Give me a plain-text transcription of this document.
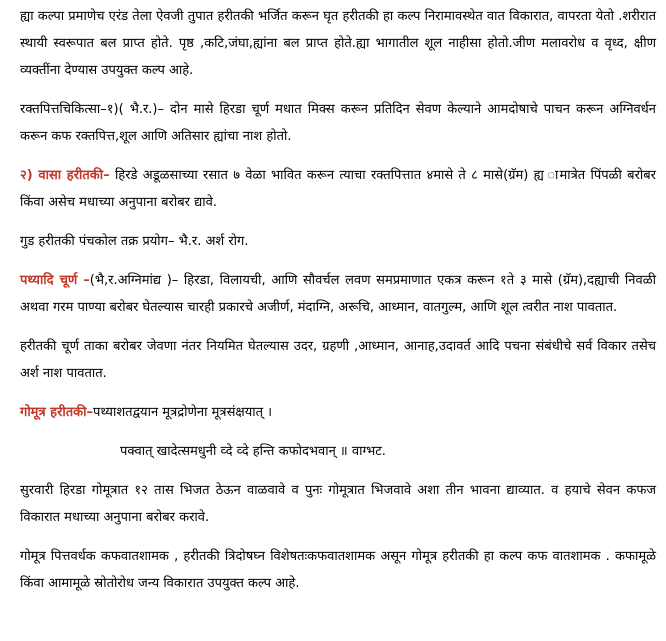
ह्या कल्पा प्रमाणेच एरंड तेला ऐवजी तुपात हरीतकी भर्जित करून घृत हरीतकी हा कल्प निरामावस्थेत वात विकारात, वापरता येतो .शरीरात स्थायी स्वरूपात बल प्राप्त होते. पृष्ठ ,कटि,जंघा,ह्यांना बल प्राप्त होते.ह्या भागातील शूल नाहीसा होतो.जीण मलावरोध व वृध्द, क्षीण व्यक्तींना देण्यास उपयुक्त कल्प आहे.

रक्तपित्तचिकित्सा–१)( भै.र.)– दोन मासे हिरडा चूर्ण मधात मिक्स करून प्रतिदिन सेवण केल्याने आमदोषाचे पाचन करून अग्निवर्धन करून कफ रक्तपित्त,शूल आणि अतिसार ह्यांचा नाश होतो.

२) वासा हरीतकी– हिरडे अडूळसाच्या रसात ७ वेळा भावित करून त्याचा रक्तपित्तात ४मासे ते ८ मासे(ग्रॅम) ह्य ामात्रेत पिंपळी बरोबर किंवा असेच मधाच्या अनुपाना बरोबर द्यावे.

गुड हरीतकी पंचकोल तक्र प्रयोग– भै.र. अर्श रोग.

पथ्यादि चूर्ण –(भै,र.अग्निमांद्य )– हिरडा, विलायची, आणि सौवर्चल लवण समप्रमाणात एकत्र करून १ते ३ मासे (ग्रॅम),दह्याची निवळी अथवा गरम पाण्या बरोबर घेतल्यास चारही प्रकारचे अजीर्ण, मंदाग्नि, अरूचि, आध्मान, वातगुल्म, आणि शूल त्वरीत नाश पावतात.

हरीतकी चूर्ण ताका बरोबर जेवणा नंतर नियमित घेतल्यास उदर, ग्रहणी ,आध्मान, आनाह,उदावर्त आदि पचना संबंधीचे सर्व विकार तसेच अर्श नाश पावतात.

गोमूत्र हरीतकी–पथ्याशतद्वयान मूत्रद्रोणेना मूत्रसंक्षयात् ।

पक्वात् खादेत्समधुनी व्दे व्दे हन्ति कफोदभवान् ॥ वाग्भट.

सुरवारी हिरडा गोमूत्रात १२ तास भिजत ठेऊन वाळवावे व पुनः गोमूत्रात भिजवावे अशा तीन भावना द्याव्यात. व हयाचे सेवन कफज विकारात मधाच्या अनुपाना बरोबर करावे.

गोमूत्र पित्तवर्धक कफवातशामक , हरीतकी त्रिदोषघ्न विशेषतःकफवातशामक असून गोमूत्र हरीतकी हा कल्प कफ वातशामक . कफामूळे किंवा आमामूळे स्रोतोरोध जन्य विकारात उपयुक्त कल्प आहे.
